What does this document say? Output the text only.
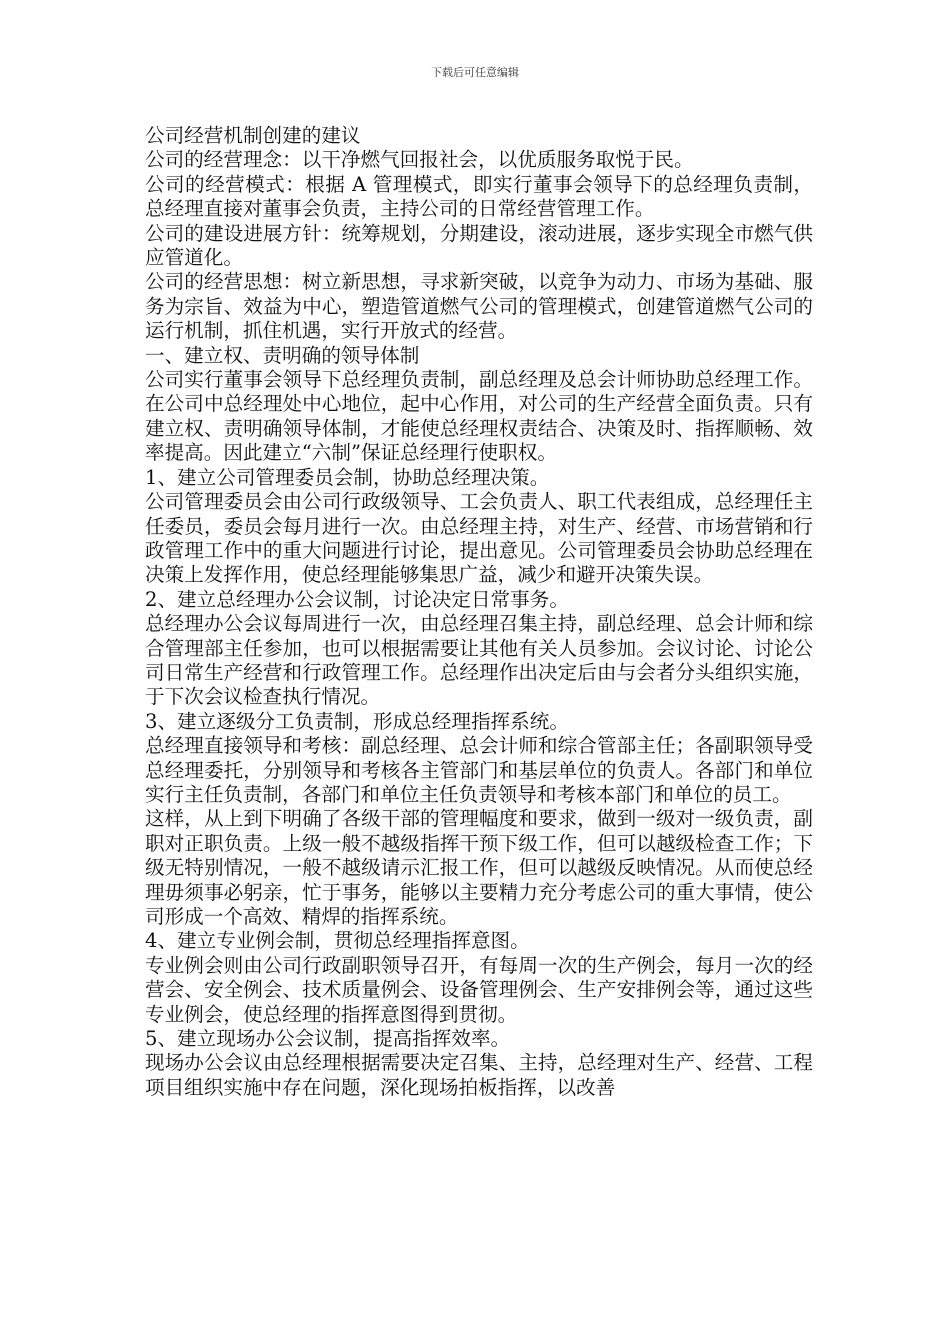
下载后可任意编辑

公司经营机制创建的建议

公司的经营理念：以干净燃气回报社会，以优质服务取悦于民。

公司的经营模式：根据 A 管理模式，即实行董事会领导下的总经理负责制，总经理直接对董事会负责，主持公司的日常经营管理工作。

公司的建设进展方针：统筹规划，分期建设，滚动进展，逐步实现全市燃气供应管道化。

公司的经营思想：树立新思想，寻求新突破，以竞争为动力、市场为基础、服务为宗旨、效益为中心，塑造管道燃气公司的管理模式，创建管道燃气公司的运行机制，抓住机遇，实行开放式的经营。

一、建立权、责明确的领导体制

公司实行董事会领导下总经理负责制，副总经理及总会计师协助总经理工作。在公司中总经理处中心地位，起中心作用，对公司的生产经营全面负责。只有建立权、责明确领导体制，才能使总经理权责结合、决策及时、指挥顺畅、效率提高。因此建立“六制”保证总经理行使职权。

1、建立公司管理委员会制，协助总经理决策。

公司管理委员会由公司行政级领导、工会负责人、职工代表组成，总经理任主任委员，委员会每月进行一次。由总经理主持，对生产、经营、市场营销和行政管理工作中的重大问题进行讨论，提出意见。公司管理委员会协助总经理在决策上发挥作用，使总经理能够集思广益，减少和避开决策失误。

2、建立总经理办公会议制，讨论决定日常事务。

总经理办公会议每周进行一次，由总经理召集主持，副总经理、总会计师和综合管理部主任参加，也可以根据需要让其他有关人员参加。会议讨论、讨论公司日常生产经营和行政管理工作。总经理作出决定后由与会者分头组织实施，于下次会议检查执行情况。

3、建立逐级分工负责制，形成总经理指挥系统。

总经理直接领导和考核：副总经理、总会计师和综合管部主任；各副职领导受总经理委托，分别领导和考核各主管部门和基层单位的负责人。各部门和单位实行主任负责制，各部门和单位主任负责领导和考核本部门和单位的员工。

这样，从上到下明确了各级干部的管理幅度和要求，做到一级对一级负责，副职对正职负责。上级一般不越级指挥干预下级工作，但可以越级检查工作；下级无特别情况，一般不越级请示汇报工作，但可以越级反映情况。从而使总经理毋须事必躬亲，忙于事务，能够以主要精力充分考虑公司的重大事情，使公司形成一个高效、精焊的指挥系统。

4、建立专业例会制，贯彻总经理指挥意图。

专业例会则由公司行政副职领导召开，有每周一次的生产例会，每月一次的经营会、安全例会、技术质量例会、设备管理例会、生产安排例会等，通过这些专业例会，使总经理的指挥意图得到贯彻。

5、建立现场办公会议制，提高指挥效率。

现场办公会议由总经理根据需要决定召集、主持，总经理对生产、经营、工程项目组织实施中存在问题，深化现场拍板指挥，以改善
